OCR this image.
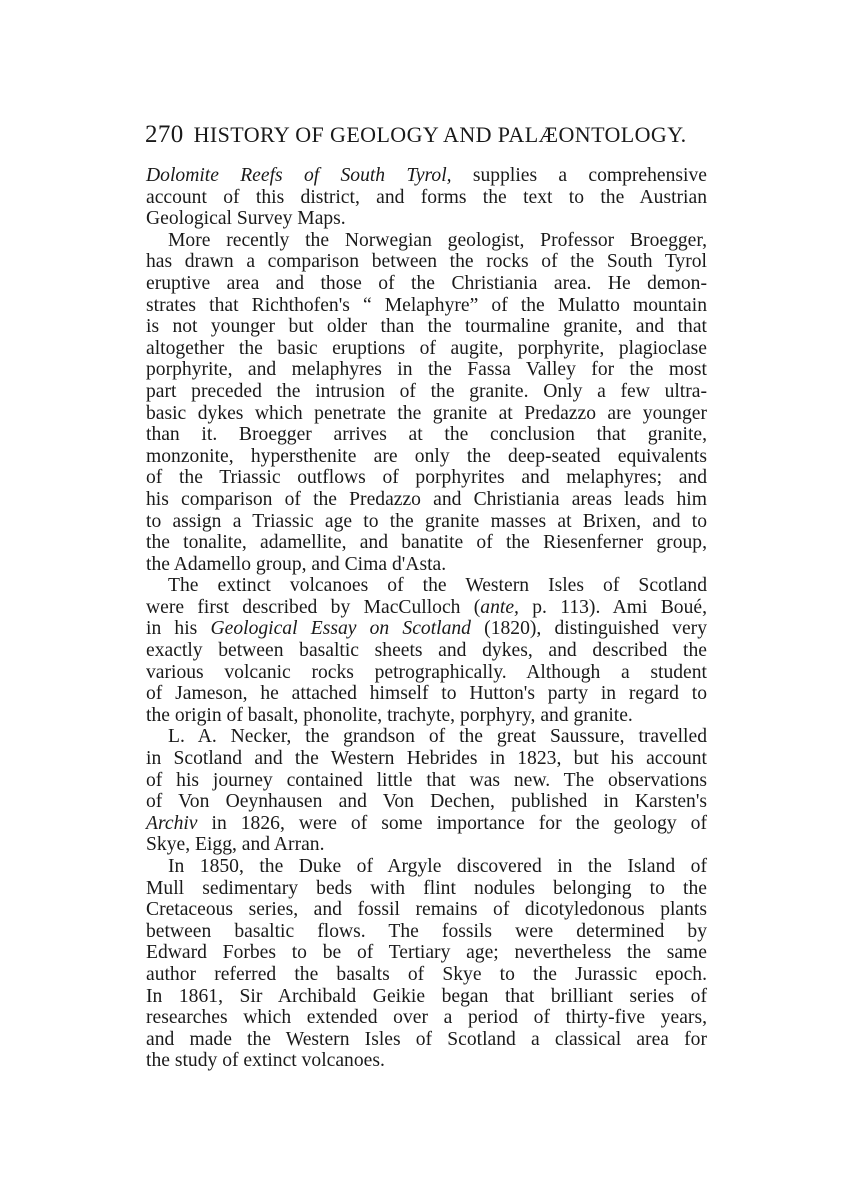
270 HISTORY OF GEOLOGY AND PALÆONTOLOGY.
Dolomite Reefs of South Tyrol, supplies a comprehensive
account of this district, and forms the text to the Austrian
Geological Survey Maps.
More recently the Norwegian geologist, Professor Broegger,
has drawn a comparison between the rocks of the South Tyrol
eruptive area and those of the Christiania area. He demon-
strates that Richthofen's “ Melaphyre” of the Mulatto mountain
is not younger but older than the tourmaline granite, and that
altogether the basic eruptions of augite, porphyrite, plagioclase
porphyrite, and melaphyres in the Fassa Valley for the most
part preceded the intrusion of the granite. Only a few ultra-
basic dykes which penetrate the granite at Predazzo are younger
than it. Broegger arrives at the conclusion that granite,
monzonite, hypersthenite are only the deep-seated equivalents
of the Triassic outflows of porphyrites and melaphyres; and
his comparison of the Predazzo and Christiania areas leads him
to assign a Triassic age to the granite masses at Brixen, and to
the tonalite, adamellite, and banatite of the Riesenferner group,
the Adamello group, and Cima d'Asta.
The extinct volcanoes of the Western Isles of Scotland
were first described by MacCulloch (ante, p. 113). Ami Boué,
in his Geological Essay on Scotland (1820), distinguished very
exactly between basaltic sheets and dykes, and described the
various volcanic rocks petrographically. Although a student
of Jameson, he attached himself to Hutton's party in regard to
the origin of basalt, phonolite, trachyte, porphyry, and granite.
L. A. Necker, the grandson of the great Saussure, travelled
in Scotland and the Western Hebrides in 1823, but his account
of his journey contained little that was new. The observations
of Von Oeynhausen and Von Dechen, published in Karsten's
Archiv in 1826, were of some importance for the geology of
Skye, Eigg, and Arran.
In 1850, the Duke of Argyle discovered in the Island of
Mull sedimentary beds with flint nodules belonging to the
Cretaceous series, and fossil remains of dicotyledonous plants
between basaltic flows. The fossils were determined by
Edward Forbes to be of Tertiary age; nevertheless the same
author referred the basalts of Skye to the Jurassic epoch.
In 1861, Sir Archibald Geikie began that brilliant series of
researches which extended over a period of thirty-five years,
and made the Western Isles of Scotland a classical area for
the study of extinct volcanoes.
